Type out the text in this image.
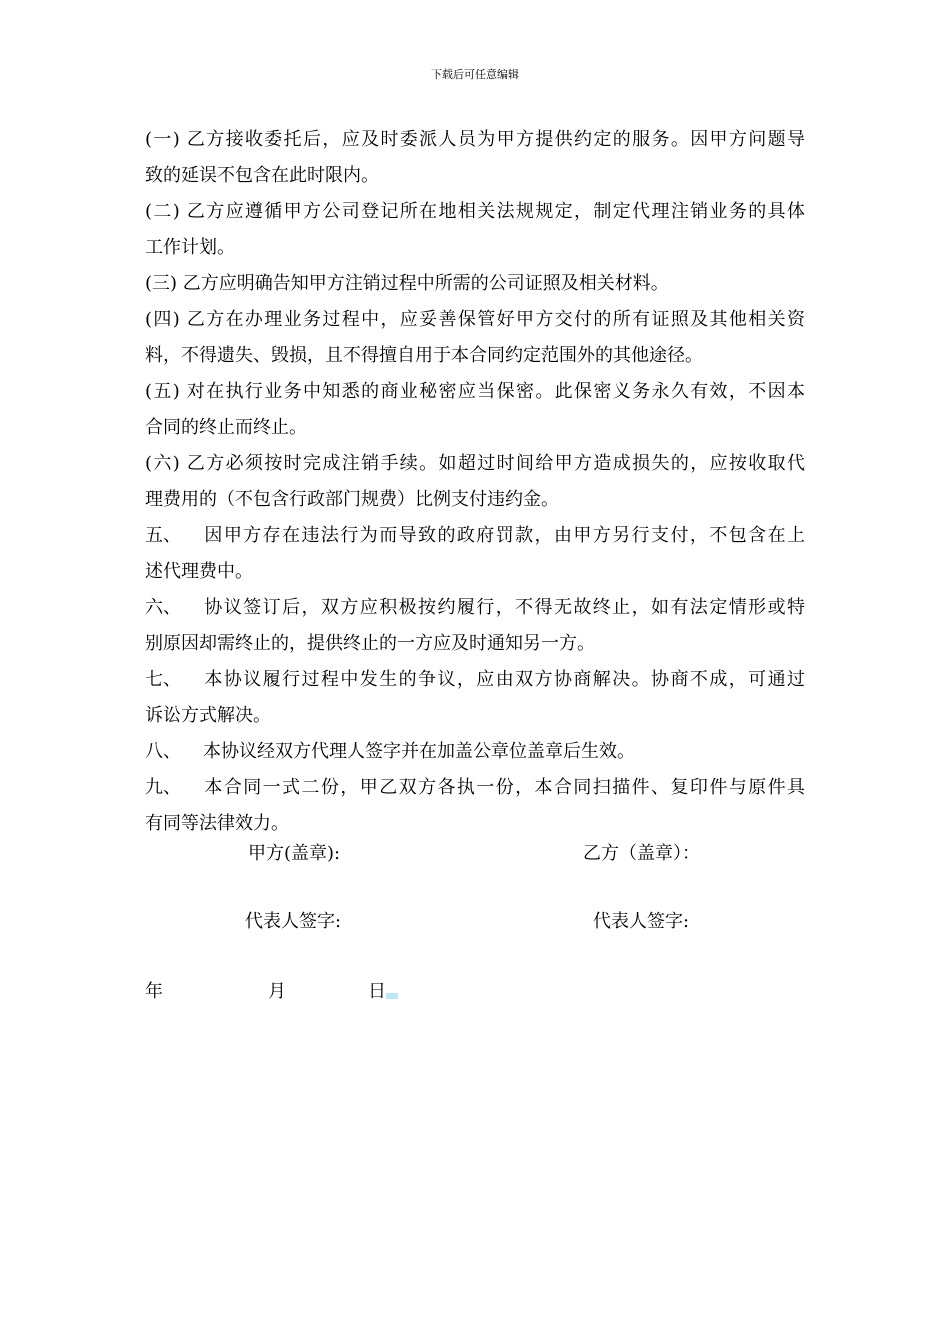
下载后可任意编辑
(一) 乙方接收委托后，应及时委派人员为甲方提供约定的服务。因甲方问题导
致的延误不包含在此时限内。
(二) 乙方应遵循甲方公司登记所在地相关法规规定，制定代理注销业务的具体
工作计划。
(三) 乙方应明确告知甲方注销过程中所需的公司证照及相关材料。
(四) 乙方在办理业务过程中，应妥善保管好甲方交付的所有证照及其他相关资
料，不得遗失、毁损，且不得擅自用于本合同约定范围外的其他途径。
(五) 对在执行业务中知悉的商业秘密应当保密。此保密义务永久有效，不因本
合同的终止而终止。
(六) 乙方必须按时完成注销手续。如超过时间给甲方造成损失的，应按收取代
理费用的（不包含行政部门规费）比例支付违约金。
五、 因甲方存在违法行为而导致的政府罚款，由甲方另行支付，不包含在上
述代理费中。
六、 协议签订后，双方应积极按约履行，不得无故终止，如有法定情形或特
别原因却需终止的，提供终止的一方应及时通知另一方。
七、 本协议履行过程中发生的争议，应由双方协商解决。协商不成，可通过
诉讼方式解决。
八、 本协议经双方代理人签字并在加盖公章位盖章后生效。
九、 本合同一式二份，甲乙双方各执一份，本合同扫描件、复印件与原件具
有同等法律效力。
甲方(盖章):	乙方（盖章）：
代表人签字:	代表人签字:
年	月	日
